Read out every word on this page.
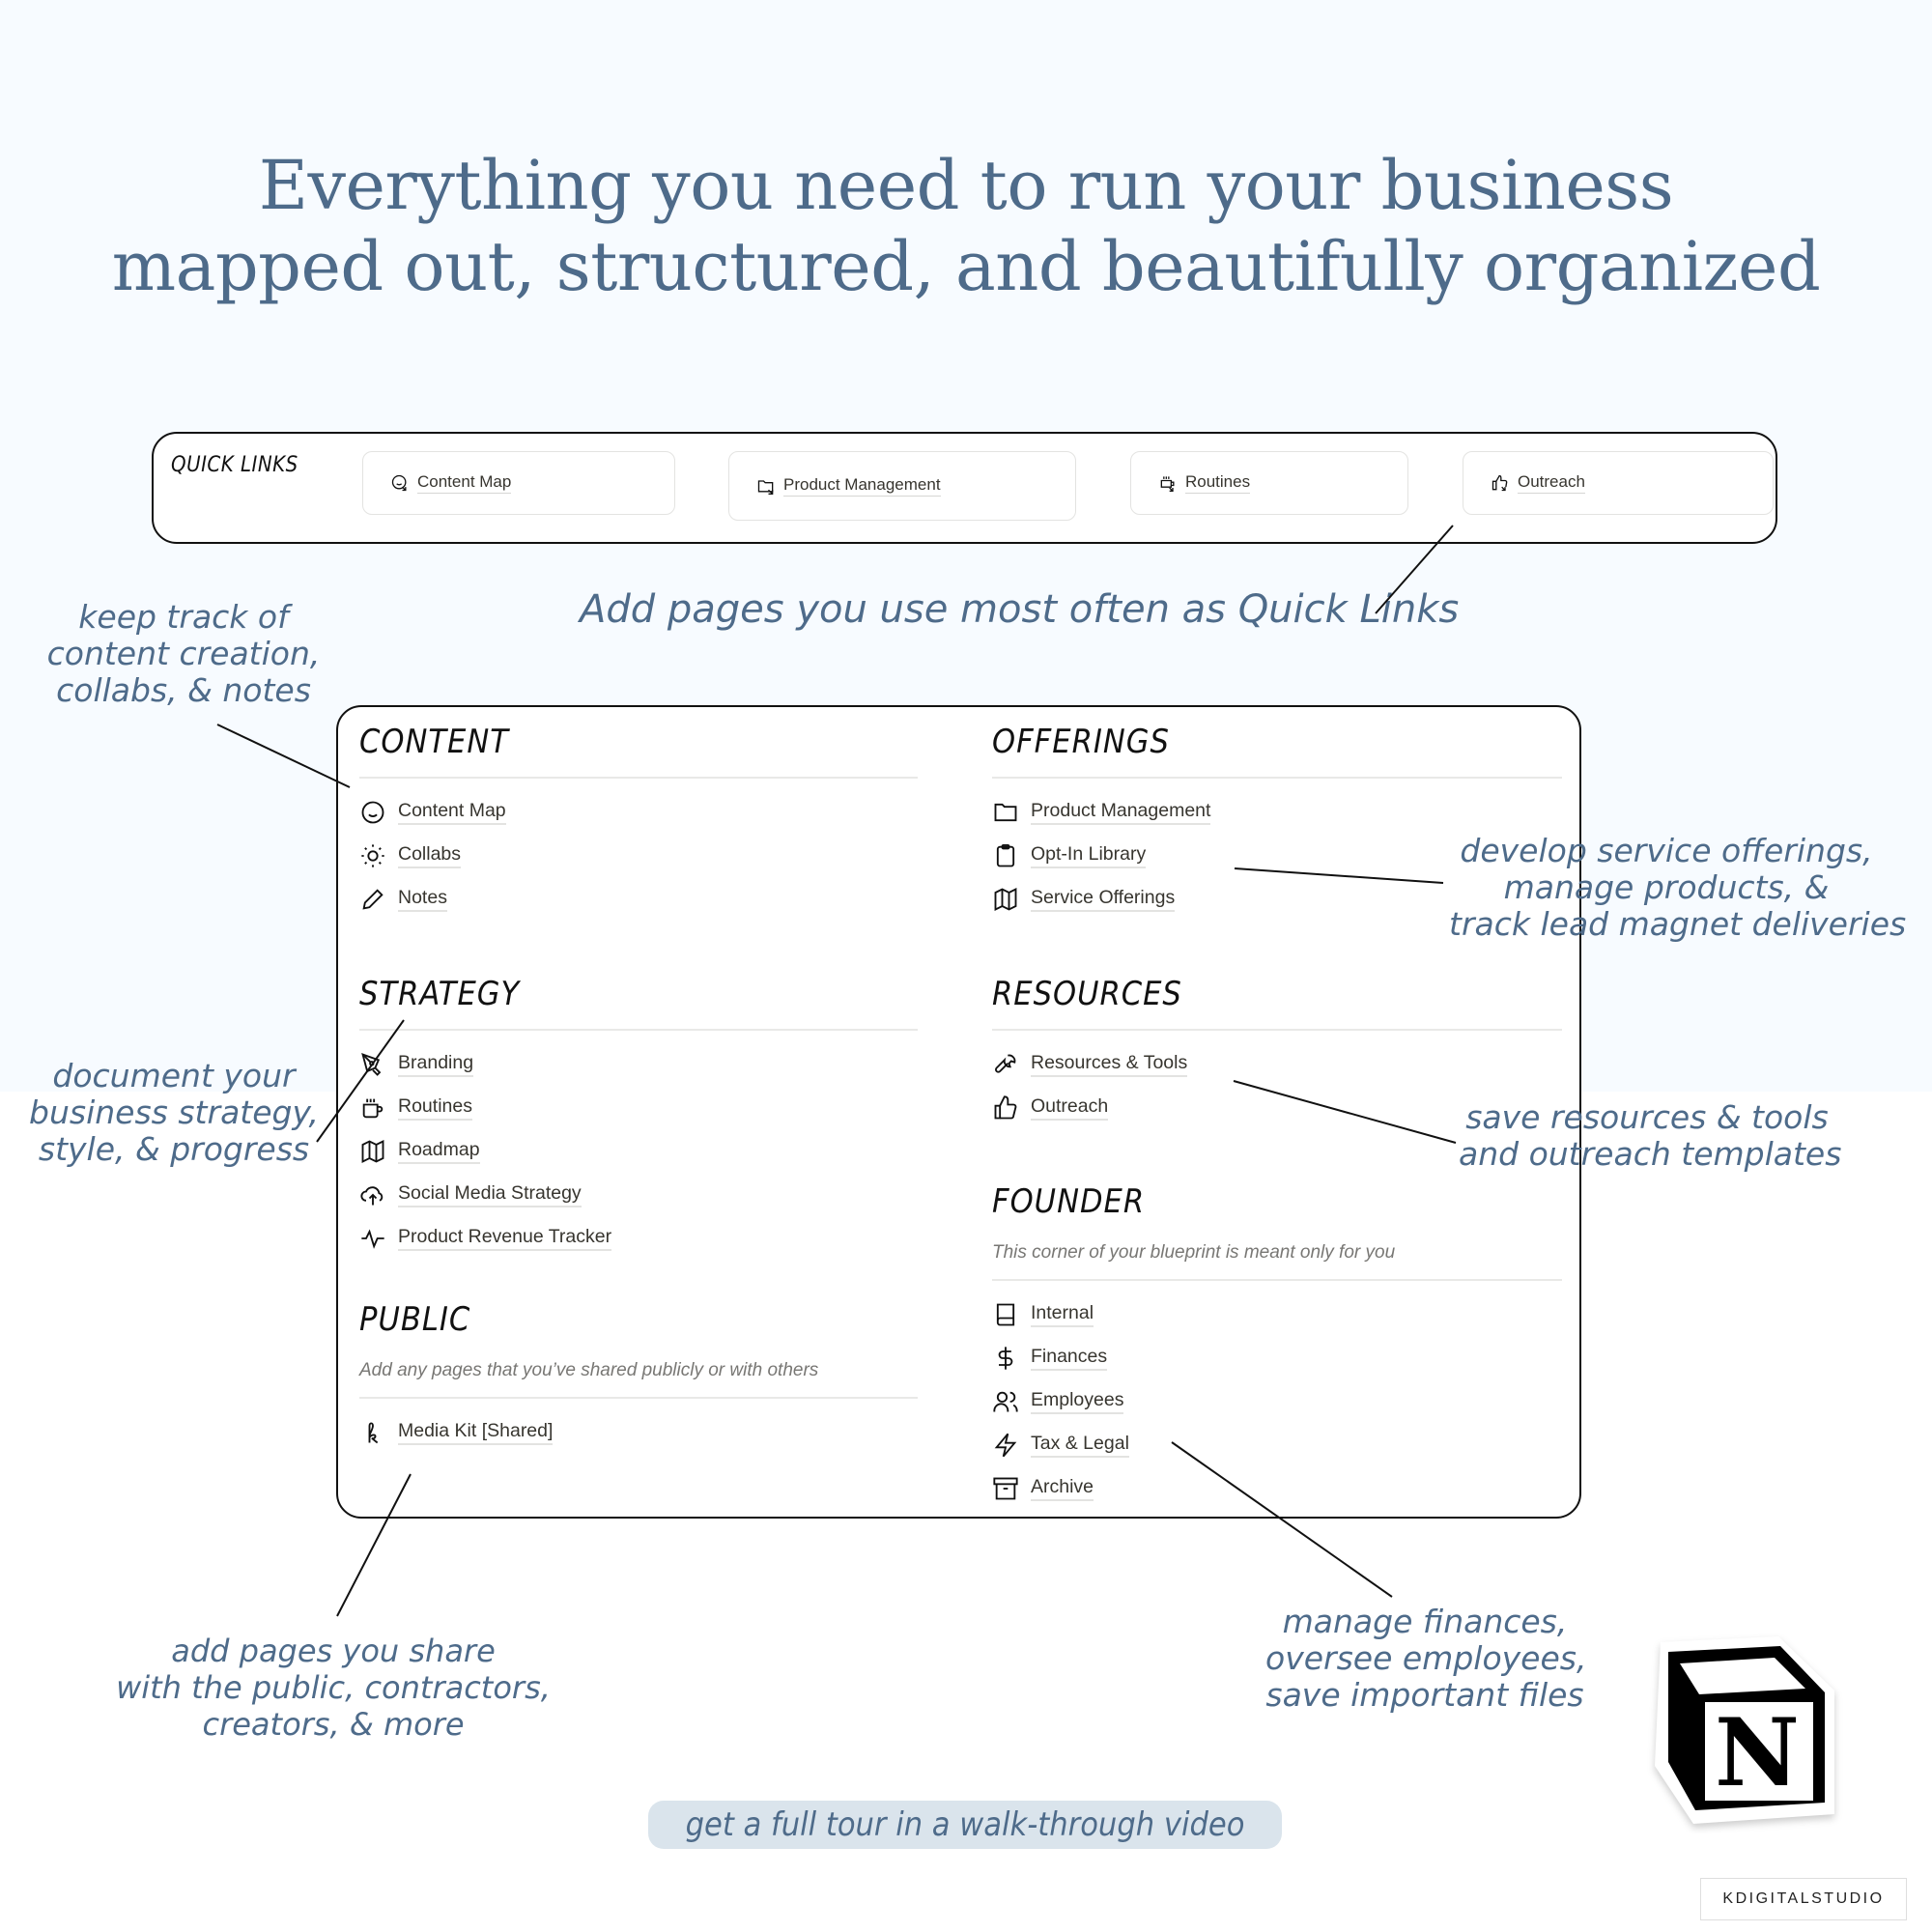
Everything you need to run your business
mapped out, structured, and beautifully organized
QUICK LINKS
Content Map	Product Management	Routines	Outreach
Add pages you use most often as Quick Links
CONTENT
Content Map
Collabs
Notes
STRATEGY
Branding
Routines
Roadmap
Social Media Strategy
Product Revenue Tracker
PUBLIC
Add any pages that you’ve shared publicly or with others
Media Kit [Shared]
OFFERINGS
Product Management
Opt-In Library
Service Offerings
RESOURCES
Resources & Tools
Outreach
FOUNDER
This corner of your blueprint is meant only for you
Internal
Finances
Employees
Tax & Legal
Archive
keep track of
content creation,
collabs, & notes
document your
business strategy,
style, & progress
add pages you share
with the public, contractors,
creators, & more
develop service offerings,
manage products, &
track lead magnet deliveries
save resources & tools
and outreach templates
manage finances,
oversee employees,
save important files
get a full tour in a walk-through video
N
KDIGITALSTUDIO
